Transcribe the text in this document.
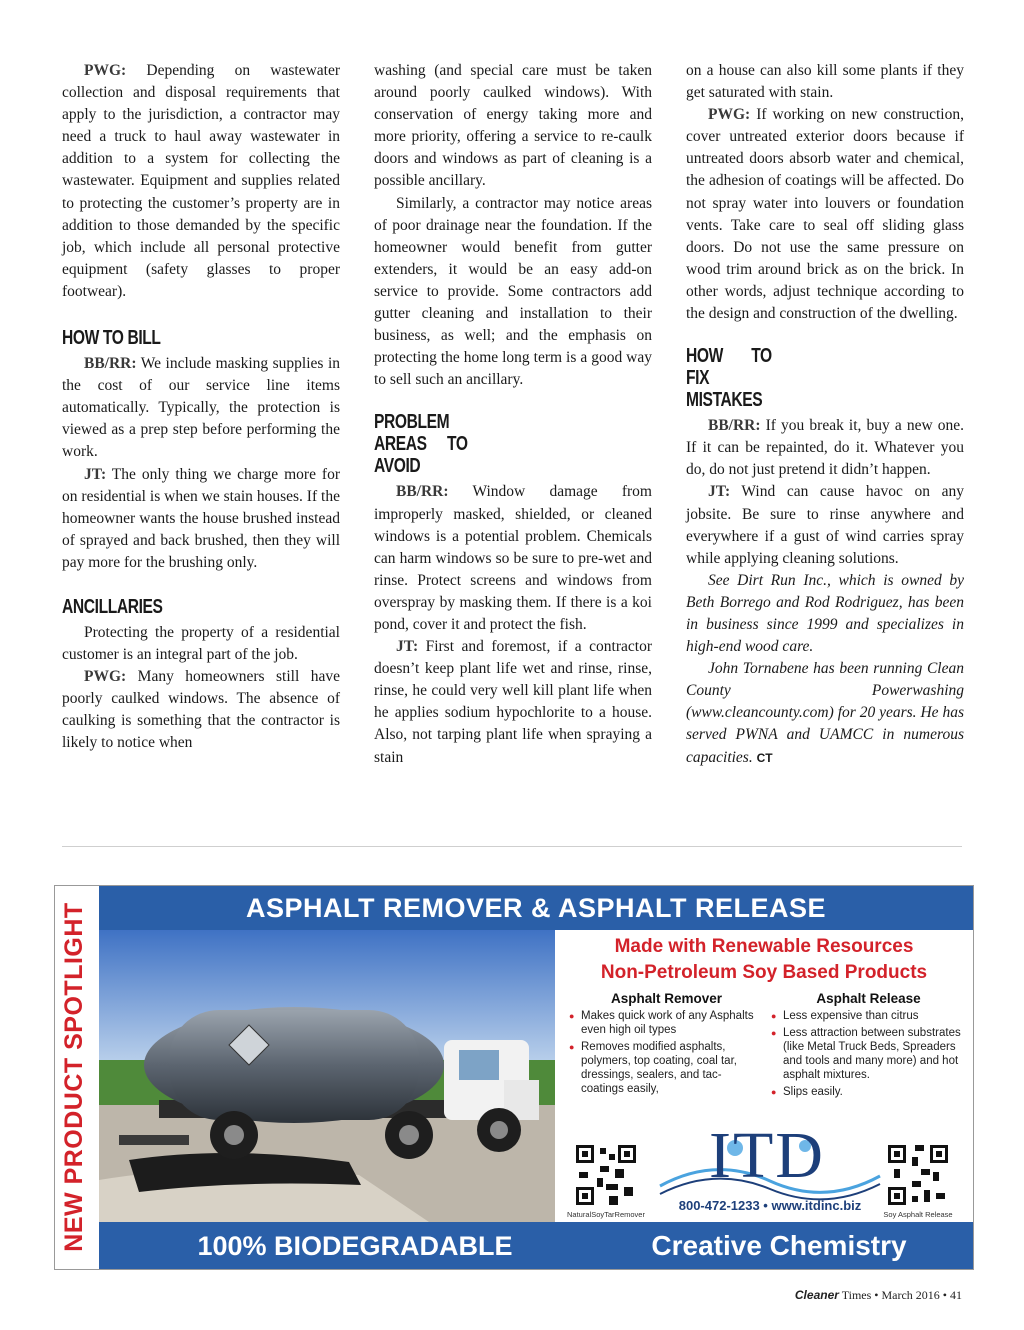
PWG: Depending on wastewater collection and disposal requirements that apply to the jurisdiction, a contractor may need a truck to haul away wastewater in addition to a system for collecting the wastewater. Equipment and supplies related to protecting the customer’s property are in addition to those demanded by the specific job, which include all personal protective equipment (safety glasses to proper footwear).

HOW TO BILL

BB/RR: We include masking supplies in the cost of our service line items automatically. Typically, the protection is viewed as a prep step before performing the work.

JT: The only thing we charge more for on residential is when we stain houses. If the homeowner wants the house brushed instead of sprayed and back brushed, then they will pay more for the brushing only.

ANCILLARIES

Protecting the property of a residential customer is an integral part of the job.

PWG: Many homeowners still have poorly caulked windows. The absence of caulking is something that the contractor is likely to notice when

washing (and special care must be taken around poorly caulked windows). With conservation of energy taking more and more priority, offering a service to re-caulk doors and windows as part of cleaning is a possible ancillary.

Similarly, a contractor may notice areas of poor drainage near the foundation. If the homeowner would benefit from gutter extenders, it would be an easy add-on service to provide. Some contractors add gutter cleaning and installation to their business, as well; and the emphasis on protecting the home long term is a good way to sell such an ancillary.

PROBLEM AREAS TO AVOID

BB/RR: Window damage from improperly masked, shielded, or cleaned windows is a potential problem. Chemicals can harm windows so be sure to pre-wet and rinse. Protect screens and windows from overspray by masking them. If there is a koi pond, cover it and protect the fish.

JT: First and foremost, if a contractor doesn’t keep plant life wet and rinse, rinse, rinse, he could very well kill plant life when he applies sodium hypochlorite to a house. Also, not tarping plant life when spraying a stain

on a house can also kill some plants if they get saturated with stain.

PWG: If working on new construction, cover untreated exterior doors because if untreated doors absorb water and chemical, the adhesion of coatings will be affected. Do not spray water into louvers or foundation vents. Take care to seal off sliding glass doors. Do not use the same pressure on wood trim around brick as on the brick. In other words, adjust technique according to the design and construction of the dwelling.

HOW TO FIX MISTAKES

BB/RR: If you break it, buy a new one. If it can be repainted, do it. Whatever you do, do not just pretend it didn’t happen.

JT: Wind can cause havoc on any jobsite. Be sure to rinse anywhere and everywhere if a gust of wind carries spray while applying cleaning solutions.

See Dirt Run Inc., which is owned by Beth Borrego and Rod Rodriguez, has been in business since 1999 and specializes in high-end wood care.

John Tornabene has been running Clean County Powerwashing (www.cleancounty.com) for 20 years. He has served PWNA and UAMCC in numerous capacities. CT

NEW PRODUCT SPOTLIGHT	ASPHALT REMOVER & ASPHALT RELEASE
Made with Renewable Resources
Non-Petroleum Soy Based Products
Asphalt Remover
● Makes quick work of any Asphalts even high oil types
● Removes modified asphalts, polymers, top coating, coal tar, dressings, sealers, and tac-coatings easily,
Asphalt Release
● Less expensive than citrus
● Less attraction between substrates (like Metal Truck Beds, Spreaders and tools and many more) and hot asphalt mixtures.
● Slips easily.
NaturalSoyTarRemover	Soy Asphalt Release
ITD
800-472-1233 • www.itdinc.biz
100% BIODEGRADABLE	Creative Chemistry
Cleaner Times • March 2016 • 41
